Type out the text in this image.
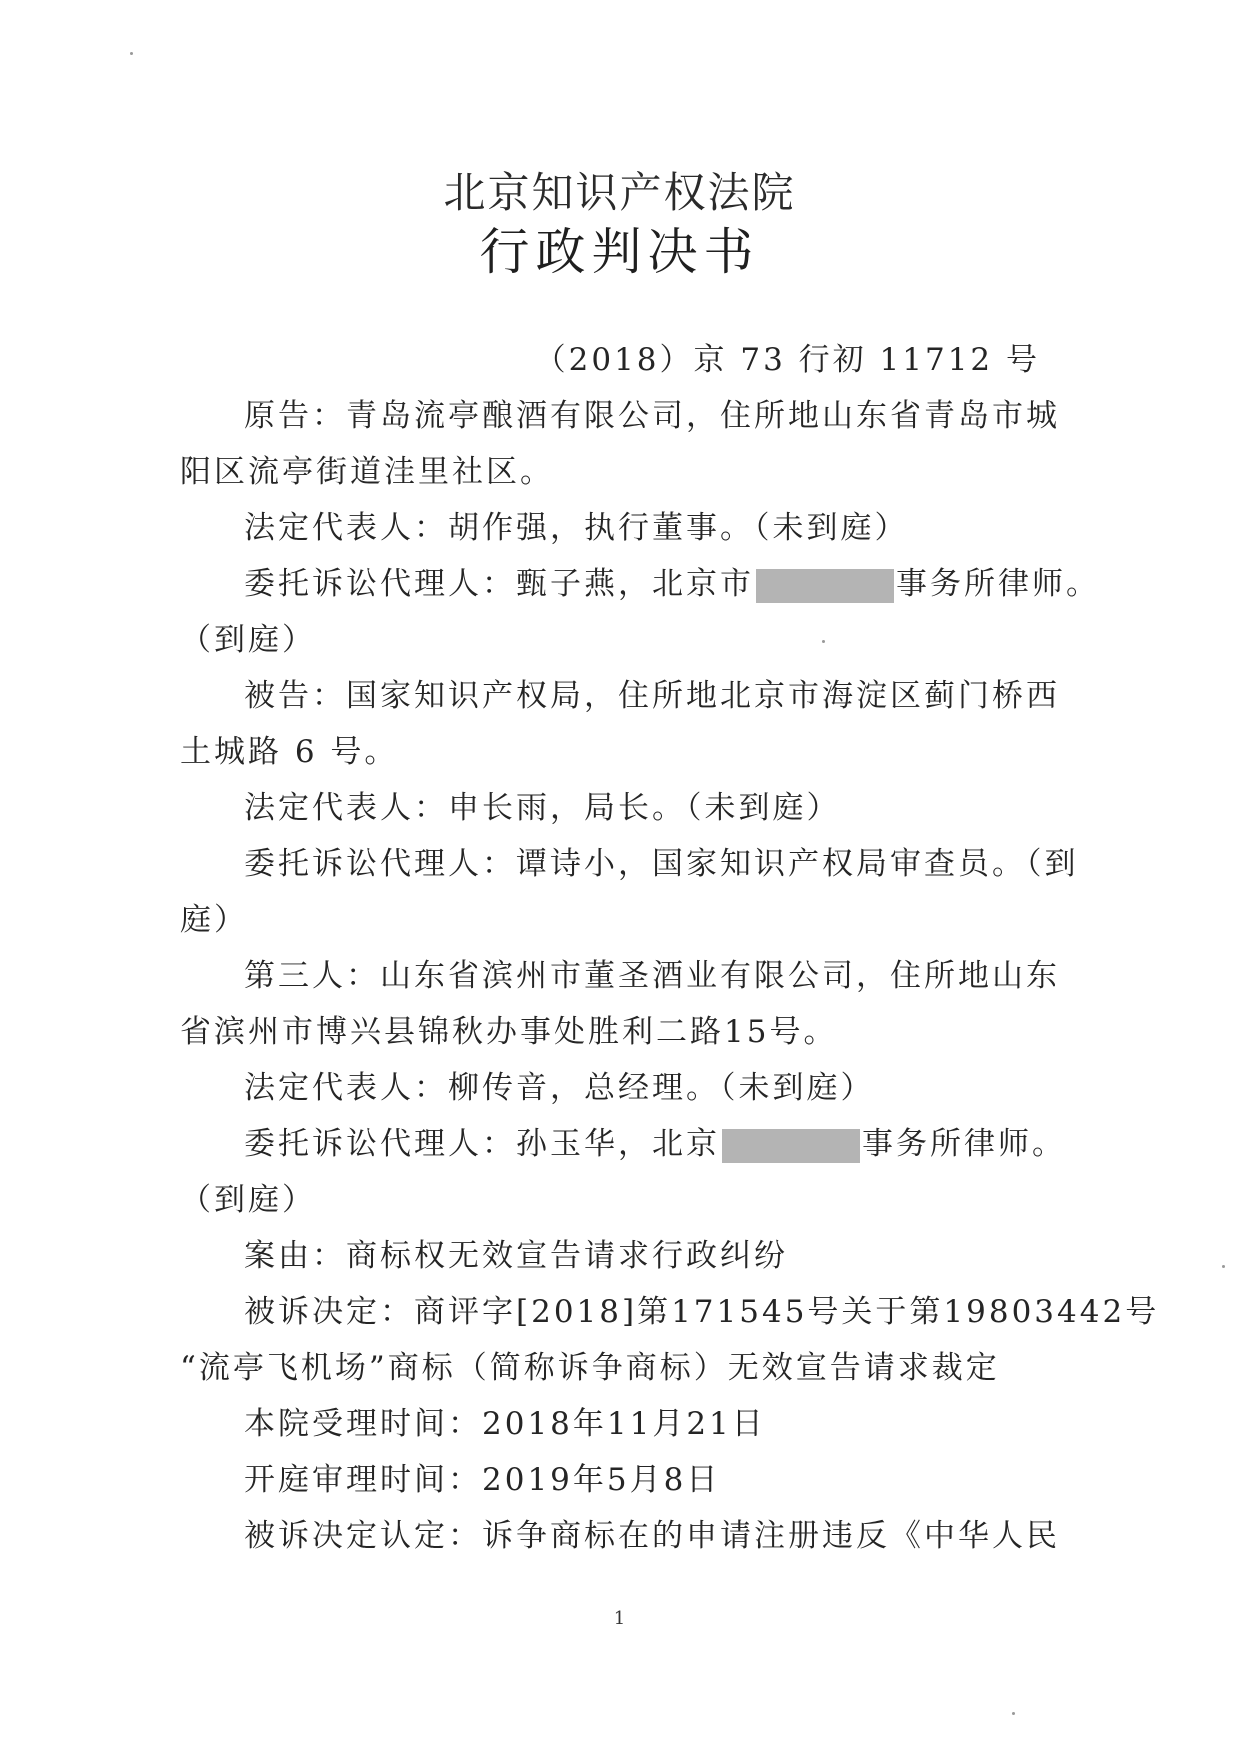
北京知识产权法院
行政判决书
（2018）京 73 行初 11712 号
原告：青岛流亭酿酒有限公司，住所地山东省青岛市城
阳区流亭街道洼里社区。
法定代表人：胡作强，执行董事。（未到庭）
委托诉讼代理人：甄子燕，北京市	事务所律师。
（到庭）
被告：国家知识产权局，住所地北京市海淀区蓟门桥西
土城路 6 号。
法定代表人：申长雨，局长。（未到庭）
委托诉讼代理人：谭诗小，国家知识产权局审查员。（到
庭）
第三人：山东省滨州市董圣酒业有限公司，住所地山东
省滨州市博兴县锦秋办事处胜利二路15号。
法定代表人：柳传音，总经理。（未到庭）
委托诉讼代理人：孙玉华，北京	事务所律师。
（到庭）
案由：商标权无效宣告请求行政纠纷
被诉决定：商评字[2018]第171545号关于第19803442号
“流亭飞机场”商标（简称诉争商标）无效宣告请求裁定
本院受理时间：2018年11月21日
开庭审理时间：2019年5月8日
被诉决定认定：诉争商标在的申请注册违反《中华人民
1
